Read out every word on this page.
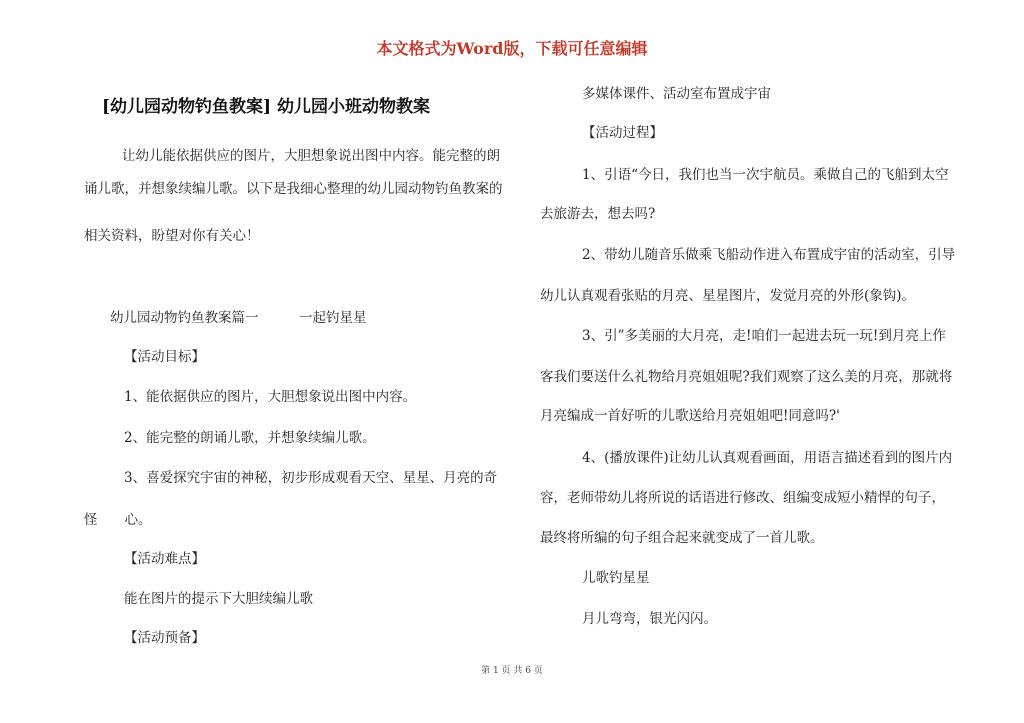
本文格式为Word版，下载可任意编辑

[幼儿园动物钓鱼教案] 幼儿园小班动物教案

让幼儿能依据供应的图片，大胆想象说出图中内容。能完整的朗

诵儿歌，并想象续编儿歌。以下是我细心整理的幼儿园动物钓鱼教案的

相关资料，盼望对你有关心！

幼儿园动物钓鱼教案篇一　　　一起钓星星

【活动目标】

1、能依据供应的图片，大胆想象说出图中内容。

2、能完整的朗诵儿歌，并想象续编儿歌。

3、喜爱探究宇宙的神秘，初步形成观看天空、星星、月亮的奇

怪　　心。

【活动难点】

能在图片的提示下大胆续编儿歌

【活动预备】

多媒体课件、活动室布置成宇宙

【活动过程】

1、引语“今日，我们也当一次宇航员。乘做自己的飞船到太空

去旅游去，想去吗?

2、带幼儿随音乐做乘飞船动作进入布置成宇宙的活动室，引导

幼儿认真观看张贴的月亮、星星图片，发觉月亮的外形(象钩)。

3、引”多美丽的大月亮，走!咱们一起进去玩一玩!到月亮上作

客我们要送什么礼物给月亮姐姐呢?我们观察了这么美的月亮，那就将

月亮编成一首好听的儿歌送给月亮姐姐吧!同意吗?'

4、(播放课件)让幼儿认真观看画面，用语言描述看到的图片内

容，老师带幼儿将所说的话语进行修改、组编变成短小精悍的句子，

最终将所编的句子组合起来就变成了一首儿歌。

儿歌钓星星

月儿弯弯，银光闪闪。

第 1 页 共 6 页
